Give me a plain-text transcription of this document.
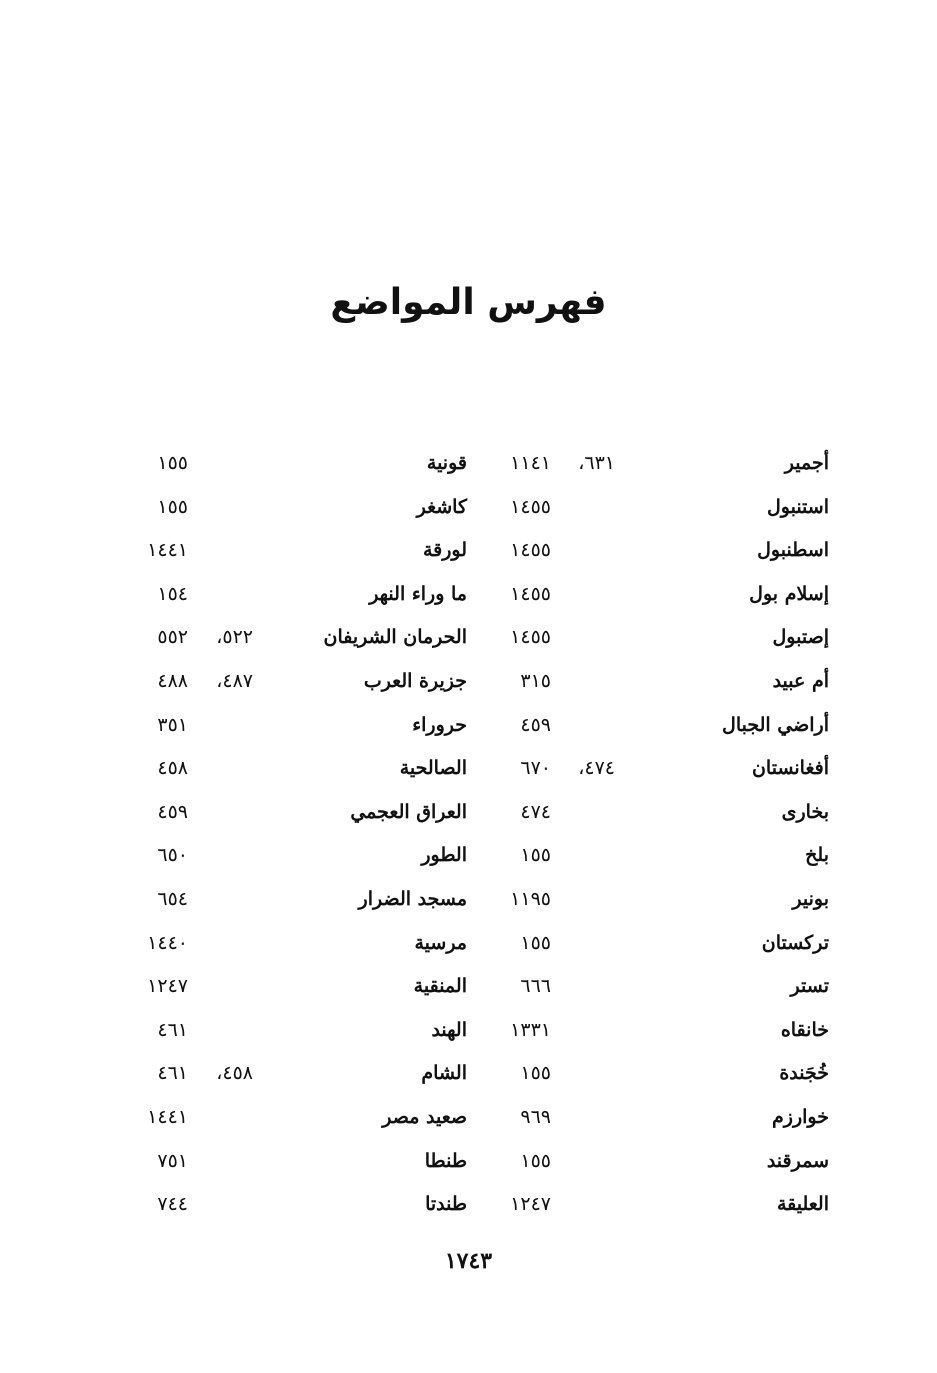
فهرس المواضع
أجمير
٦٣١،
١١٤١
قونية
١٥٥
استنبول
١٤٥٥
كاشغر
١٥٥
اسطنبول
١٤٥٥
لورقة
١٤٤١
إسلام بول
١٤٥٥
ما وراء النهر
١٥٤
إصتبول
١٤٥٥
الحرمان الشريفان
٥٢٢،
٥٥٢
أم عبيد
٣١٥
جزيرة العرب
٤٨٧،
٤٨٨
أراضي الجبال
٤٥٩
حروراء
٣٥١
أفغانستان
٤٧٤،
٦٧٠
الصالحية
٤٥٨
بخارى
٤٧٤
العراق العجمي
٤٥٩
بلخ
١٥٥
الطور
٦٥٠
بونير
١١٩٥
مسجد الضرار
٦٥٤
تركستان
١٥٥
مرسية
١٤٤٠
تستر
٦٦٦
المنقية
١٢٤٧
خانقاه
١٣٣١
الهند
٤٦١
خُجَندة
١٥٥
الشام
٤٥٨،
٤٦١
خوارزم
٩٦٩
صعيد مصر
١٤٤١
سمرقند
١٥٥
طنطا
٧٥١
العليقة
١٢٤٧
طندتا
٧٤٤
١٧٤٣
